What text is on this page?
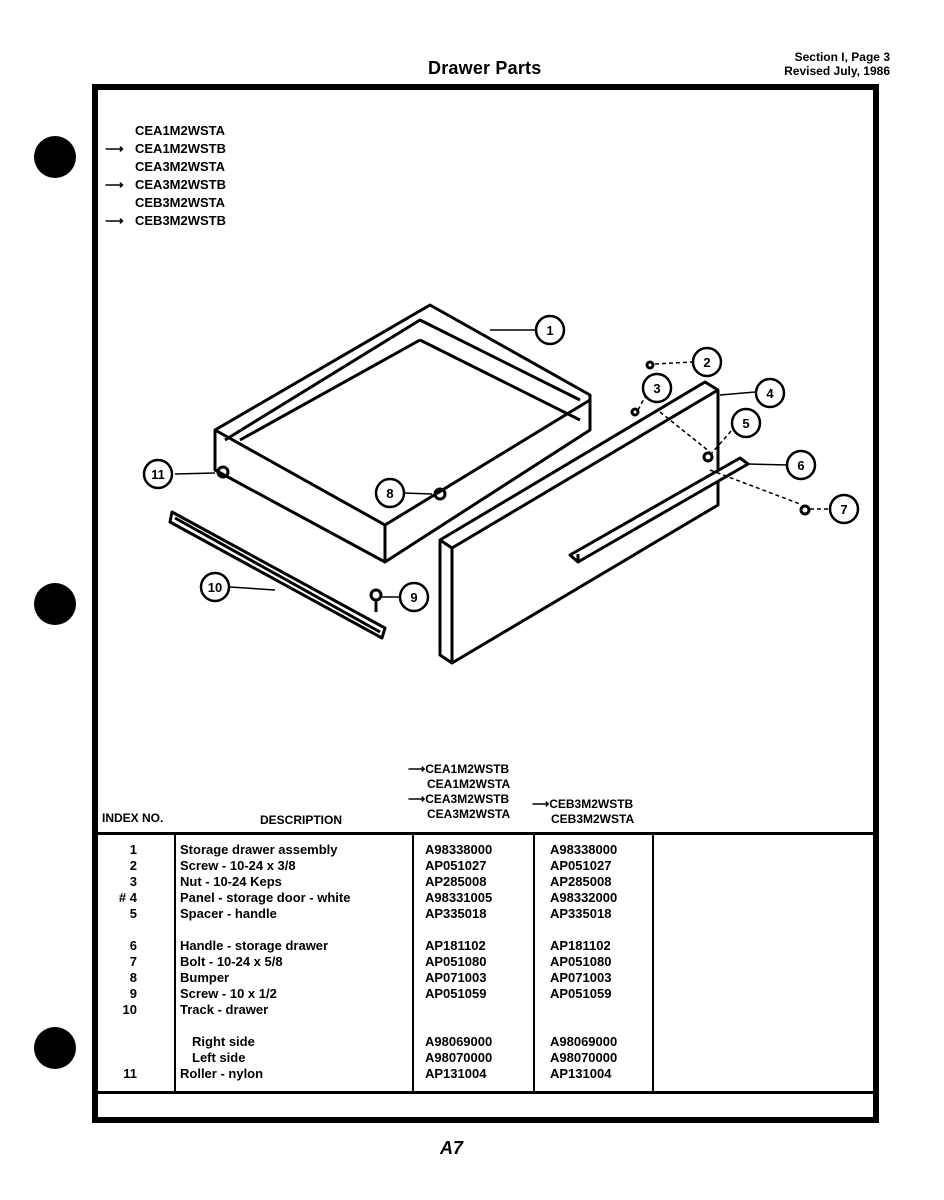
Drawer Parts
Section I, Page 3
Revised July, 1986
CEA1M2WSTA
⟶ CEA1M2WSTB
CEA3M2WSTA
⟶ CEA3M2WSTB
CEB3M2WSTA
⟶ CEB3M2WSTB
1
2
3	4
5
6
7
8
9
10
11
⟶CEA1M2WSTB
CEA1M2WSTA
⟶CEA3M2WSTB
CEA3M2WSTA
⟶CEB3M2WSTB
CEB3M2WSTA
INDEX NO.	DESCRIPTION
1	Storage drawer assembly	A98338000	A98338000
2	Screw - 10-24 x 3/8	AP051027	AP051027
3	Nut - 10-24 Keps	AP285008	AP285008
# 4	Panel - storage door - white	A98331005	A98332000
5	Spacer - handle	AP335018	AP335018
6	Handle - storage drawer	AP181102	AP181102
7	Bolt - 10-24 x 5/8	AP051080	AP051080
8	Bumper	AP071003	AP071003
9	Screw - 10 x 1/2	AP051059	AP051059
10	Track - drawer
Right side	A98069000	A98069000
Left side	A98070000	A98070000
11	Roller - nylon	AP131004	AP131004
A7
